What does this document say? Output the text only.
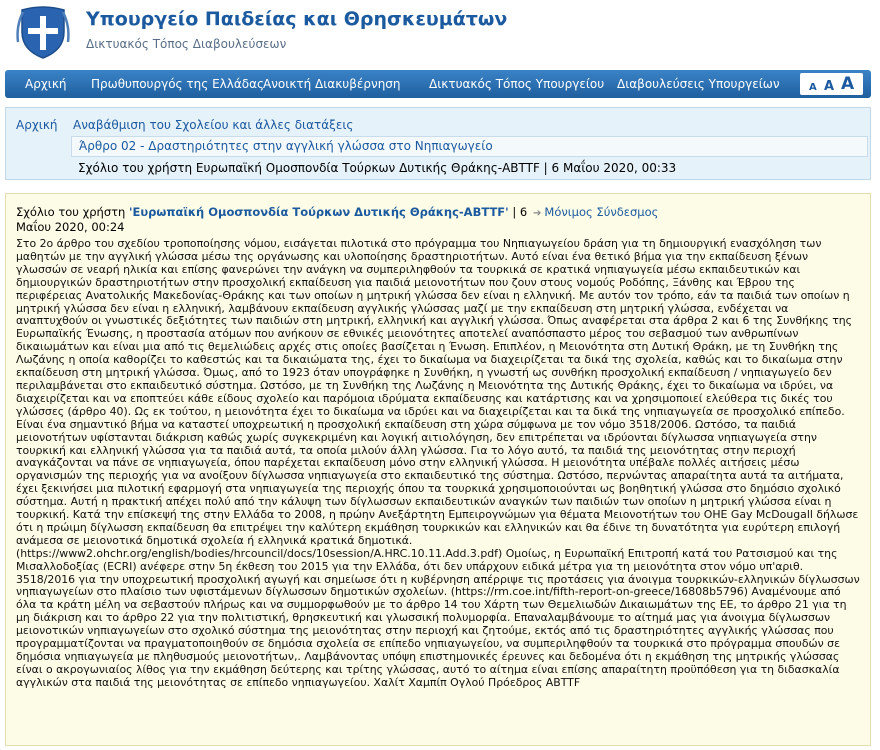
Υπουργείο Παιδείας και Θρησκευμάτων
Δικτυακός Τόπος Διαβουλεύσεων
Αρχική Πρωθυπουργός της Ελλάδας
Ανοικτή Διακυβέρνηση Δικτυακός Τόπος Υπουργείου Διαβουλεύσεις Υπουργείων	A A A
Αρχική Αναβάθμιση του Σχολείου και άλλες διατάξεις
Άρθρο 02 - Δραστηριότητες στην αγγλική γλώσσα στο Νηπιαγωγείο
Σχόλιο του χρήστη Ευρωπαϊκή Ομοσπονδία Τούρκων Δυτικής Θράκης-ABTTF | 6 Μαΐου 2020, 00:33
Σχόλιο του χρήστη 'Ευρωπαϊκή Ομοσπονδία Τούρκων Δυτικής Θράκης-ABTTF' | 6 Μαΐου 2020, 00:24
➔ Μόνιμος Σύνδεσμος

Στο 2ο άρθρο του σχεδίου τροποποίησης νόμου, εισάγεται πιλοτικά στο πρόγραμμα του Νηπιαγωγείου δράση για τη δημιουργική ενασχόληση των μαθητών με την αγγλική γλώσσα μέσω της οργάνωσης και υλοποίησης δραστηριοτήτων. Αυτό είναι ένα θετικό βήμα για την εκπαίδευση ξένων γλωσσών σε νεαρή ηλικία και επίσης φανερώνει την ανάγκη να συμπεριληφθούν τα τουρκικά σε κρατικά νηπιαγωγεία μέσω εκπαιδευτικών και δημιουργικών δραστηριοτήτων στην προσχολική εκπαίδευση για παιδιά μειονοτήτων που ζουν στους νομούς Ροδόπης, Ξάνθης και Έβρου της περιφέρειας Ανατολικής Μακεδονίας-Θράκης και των οποίων η μητρική γλώσσα δεν είναι η ελληνική. Με αυτόν τον τρόπο, εάν τα παιδιά των οποίων η μητρική γλώσσα δεν είναι η ελληνική, λαμβάνουν εκπαίδευση αγγλικής γλώσσας μαζί με την εκπαίδευση στη μητρική γλώσσα, ενδέχεται να αναπτυχθούν οι γνωστικές δεξιότητες των παιδιών στη μητρική, ελληνική και αγγλική γλώσσα. Όπως αναφέρεται στα άρθρα 2 και 6 της Συνθήκης της Ευρωπαϊκής Ένωσης, η προστασία ατόμων που ανήκουν σε εθνικές μειονότητες αποτελεί αναπόσπαστο μέρος του σεβασμού των ανθρωπίνων δικαιωμάτων και είναι μια από τις θεμελιώδεις αρχές στις οποίες βασίζεται η Ένωση. Επιπλέον, η Μειονότητα στη Δυτική Θράκη, με τη Συνθήκη της Λωζάνης η οποία καθορίζει το καθεστώς και τα δικαιώματα της, έχει το δικαίωμα να διαχειρίζεται τα δικά της σχολεία, καθώς και το δικαίωμα στην εκπαίδευση στη μητρική γλώσσα. Όμως, από το 1923 όταν υπογράφηκε η Συνθήκη, η γνωστή ως συνθήκη προσχολική εκπαίδευση / νηπιαγωγείο δεν περιλαμβάνεται στο εκπαιδευτικό σύστημα. Ωστόσο, με τη Συνθήκη της Λωζάνης η Μειονότητα της Δυτικής Θράκης, έχει το δικαίωμα να ιδρύει, να διαχειρίζεται και να εποπτεύει κάθε είδους σχολείο και παρόμοια ιδρύματα εκπαίδευσης και κατάρτισης και να χρησιμοποιεί ελεύθερα τις δικές του γλώσσες (άρθρο 40). Ως εκ τούτου, η μειονότητα έχει το δικαίωμα να ιδρύει και να διαχειρίζεται και τα δικά της νηπιαγωγεία σε προσχολικό επίπεδο. Είναι ένα σημαντικό βήμα να καταστεί υποχρεωτική η προσχολική εκπαίδευση στη χώρα σύμφωνα με τον νόμο 3518/2006. Ωστόσο, τα παιδιά μειονοτήτων υφίστανται διάκριση καθώς χωρίς συγκεκριμένη και λογική αιτιολόγηση, δεν επιτρέπεται να ιδρύονται δίγλωσσα νηπιαγωγεία στην τουρκική και ελληνική γλώσσα για τα παιδιά αυτά, τα οποία μιλούν άλλη γλώσσα. Για το λόγο αυτό, τα παιδιά της μειονότητας στην περιοχή αναγκάζονται να πάνε σε νηπιαγωγεία, όπου παρέχεται εκπαίδευση μόνο στην ελληνική γλώσσα. Η μειονότητα υπέβαλε πολλές αιτήσεις μέσω οργανισμών της περιοχής για να ανοίξουν δίγλωσσα νηπιαγωγεία στο εκπαιδευτικό της σύστημα. Ωστόσο, περνώντας απαραίτητα αυτά τα αιτήματα, έχει ξεκινήσει μια πιλοτική εφαρμογή στα νηπιαγωγεία της περιοχής όπου τα τουρκικά χρησιμοποιούνται ως βοηθητική γλώσσα στο δημόσιο σχολικό σύστημα. Αυτή η πρακτική απέχει πολύ από την κάλυψη των δίγλωσσων εκπαιδευτικών αναγκών των παιδιών των οποίων η μητρική γλώσσα είναι η τουρκική. Κατά την επίσκεψή της στην Ελλάδα το 2008, η πρώην Ανεξάρτητη Εμπειρογνώμων για θέματα Μειονοτήτων του ΟΗΕ Gay McDougall δήλωσε ότι η πρώιμη δίγλωσση εκπαίδευση θα επιτρέψει την καλύτερη εκμάθηση τουρκικών και ελληνικών και θα έδινε τη δυνατότητα για ευρύτερη επιλογή ανάμεσα σε μειονοτικά δημοτικά σχολεία ή ελληνικά κρατικά δημοτικά. (https://www2.ohchr.org/english/bodies/hrcouncil/docs/10session/A.HRC.10.11.Add.3.pdf) Ομοίως, η Ευρωπαϊκή Επιτροπή κατά του Ρατσισμού και της Μισαλλοδοξίας (ECRI) ανέφερε στην 5η έκθεση του 2015 για την Ελλάδα, ότι δεν υπάρχουν ειδικά μέτρα για τη μειονότητα στον νόμο υπ'αριθ. 3518/2016 για την υποχρεωτική προσχολική αγωγή και σημείωσε ότι η κυβέρνηση απέρριψε τις προτάσεις για άνοιγμα τουρκικών-ελληνικών δίγλωσσων νηπιαγωγείων στο πλαίσιο των υφιστάμενων δίγλωσσων δημοτικών σχολείων. (https://rm.coe.int/fifth-report-on-greece/16808b5796) Αναμένουμε από όλα τα κράτη μέλη να σεβαστούν πλήρως και να συμμορφωθούν με το άρθρο 14 του Χάρτη των Θεμελιωδών Δικαιωμάτων της ΕΕ, το άρθρο 21 για τη μη διάκριση και το άρθρο 22 για την πολιτιστική, θρησκευτική και γλωσσική πολυμορφία. Επαναλαμβάνουμε το αίτημά μας για άνοιγμα δίγλωσσων μειονοτικών νηπιαγωγείων στο σχολικό σύστημα της μειονότητας στην περιοχή και ζητούμε, εκτός από τις δραστηριότητες αγγλικής γλώσσας που προγραμματίζονται να πραγματοποιηθούν σε δημόσια σχολεία σε επίπεδο νηπιαγωγείου, να συμπεριληφθούν τα τουρκικά στο πρόγραμμα σπουδών σε δημόσια νηπιαγωγεία με πληθυσμούς μειονοτήτων,. Λαμβάνοντας υπόψη επιστημονικές έρευνες και δεδομένα ότι η εκμάθηση της μητρικής γλώσσας είναι ο ακρογωνιαίος λίθος για την εκμάθηση δεύτερης και τρίτης γλώσσας, αυτό το αίτημα είναι επίσης απαραίτητη προϋπόθεση για τη διδασκαλία αγγλικών στα παιδιά της μειονότητας σε επίπεδο νηπιαγωγείου. Χαλίτ Χαμπίπ Ογλού Πρόεδρος ABTTF
